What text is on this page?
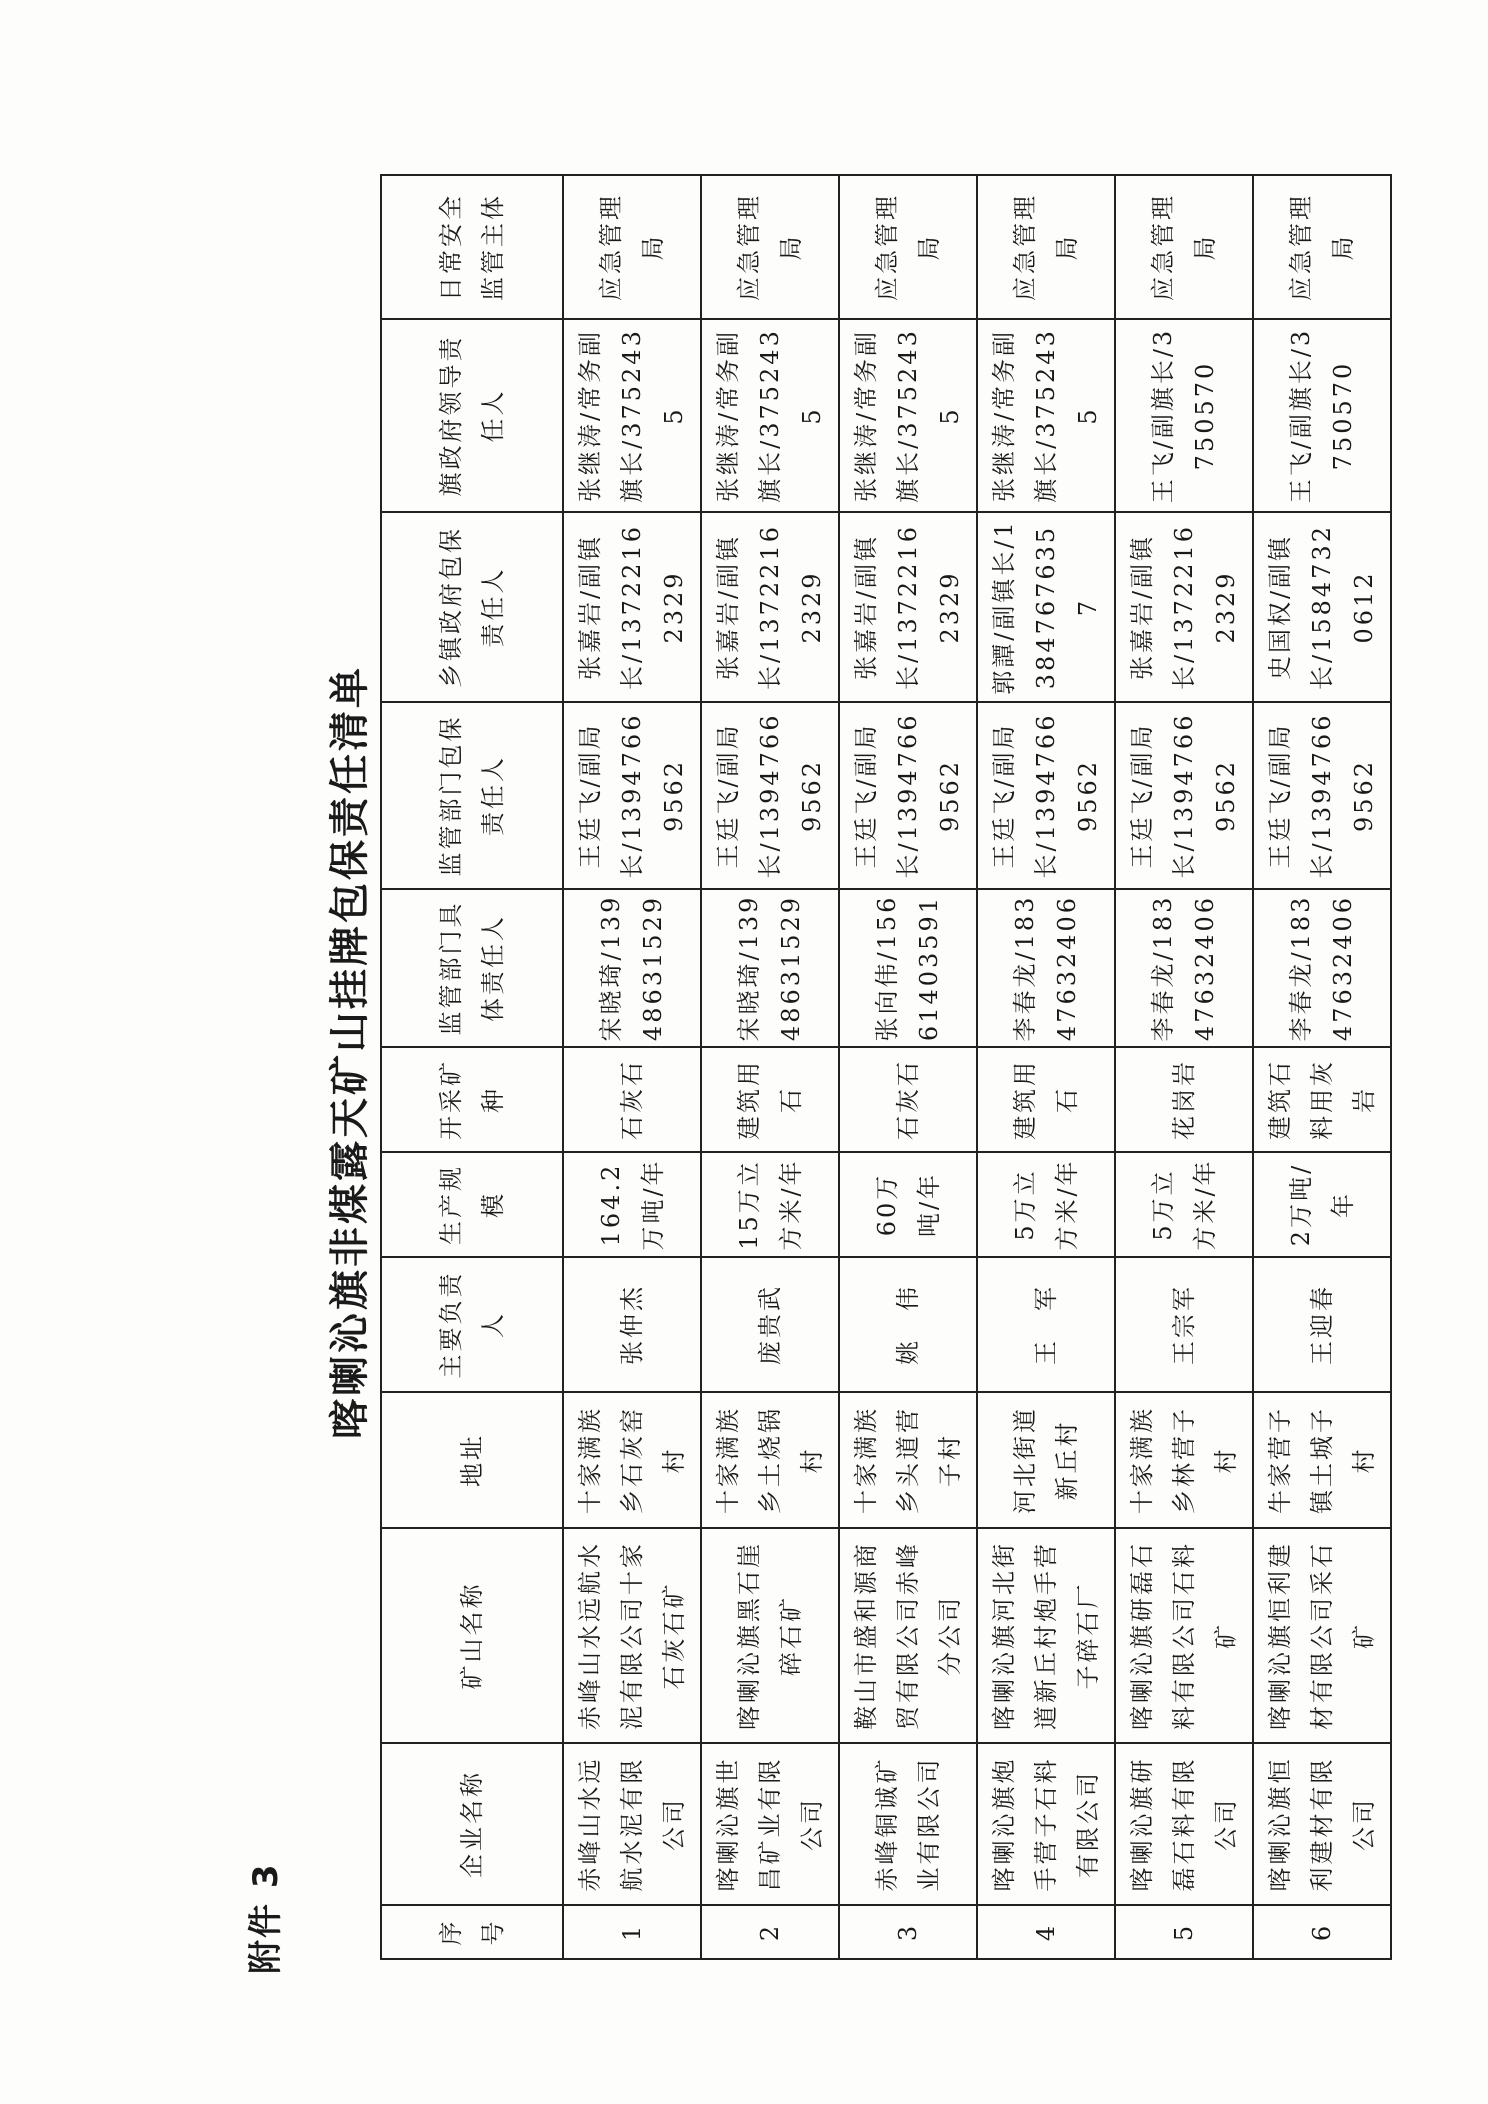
附件 3
喀喇沁旗非煤露天矿山挂牌包保责任清单
序号	企业名称	矿山名称	地址	主要负责人	生产规模	开采矿种	监管部门具体责任人	监管部门包保责任人	乡镇政府包保责任人	旗政府领导责任人	日常安全监管主体
1	赤峰山水远航水泥有限公司	赤峰山水远航水泥有限公司十家石灰石矿	十家满族乡石灰窑村	张仲杰	164.2万吨/年	石灰石	宋晓琦/13948631529	王廷飞/副局长/13947669562	张嘉岩/副镇长/13722162329	张继涛/常务副旗长/3752435	应急管理局
2	喀喇沁旗世昌矿业有限公司	喀喇沁旗黑石崖碎石矿	十家满族乡土烧锅村	庞贵武	15万立方米/年	建筑用石	宋晓琦/13948631529	王廷飞/副局长/13947669562	张嘉岩/副镇长/13722162329	张继涛/常务副旗长/3752435	应急管理局
3	赤峰铜诚矿业有限公司	鞍山市盛和源商贸有限公司赤峰分公司	十家满族乡头道营子村	姚　伟	60万吨/年	石灰石	张向伟/15661403591	王廷飞/副局长/13947669562	张嘉岩/副镇长/13722162329	张继涛/常务副旗长/3752435	应急管理局
4	喀喇沁旗炮手营子石料有限公司	喀喇沁旗河北街道新丘村炮手营子碎石厂	河北街道新丘村	王　军	5万立方米/年	建筑用石	李春龙/18347632406	王廷飞/副局长/13947669562	郭譚/副镇长/13847676357	张继涛/常务副旗长/3752435	应急管理局
5	喀喇沁旗研磊石料有限公司	喀喇沁旗研磊石料有限公司石料矿	十家满族乡林营子村	王宗军	5万立方米/年	花岗岩	李春龙/18347632406	王廷飞/副局长/13947669562	张嘉岩/副镇长/13722162329	王飞/副旗长/3750570	应急管理局
6	喀喇沁旗恒利建材有限公司	喀喇沁旗恒利建材有限公司采石矿	牛家营子镇土城子村	王迎春	2万吨/年	建筑石料用灰岩	李春龙/18347632406	王廷飞/副局长/13947669562	史国权/副镇长/15847320612	王飞/副旗长/3750570	应急管理局
